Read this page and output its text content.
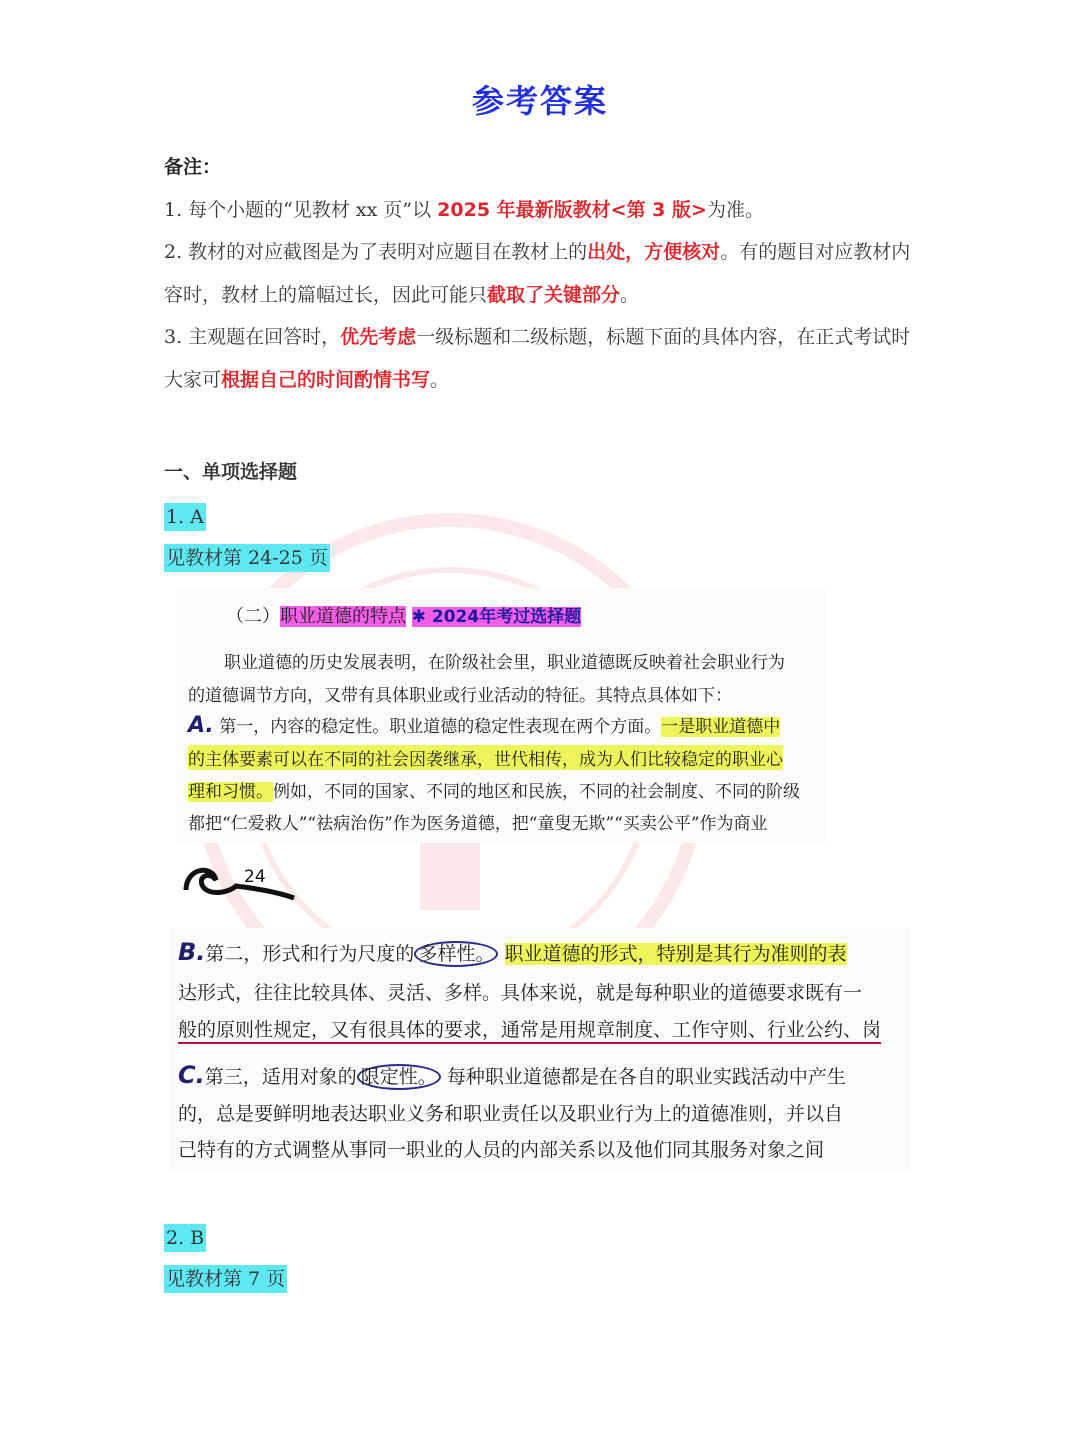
参考答案
备注：
1. 每个小题的“见教材 xx 页”以 2025 年最新版教材<第 3 版>为准。
2. 教材的对应截图是为了表明对应题目在教材上的出处，方便核对。有的题目对应教材内容时，教材上的篇幅过长，因此可能只截取了关键部分。
3. 主观题在回答时，优先考虑一级标题和二级标题，标题下面的具体内容，在正式考试时大家可根据自己的时间酌情书写。
一、单项选择题
1. A
见教材第 24-25 页
（二）职业道德的特点 ✱ 2024年考过选择题
职业道德的历史发展表明，在阶级社会里，职业道德既反映着社会职业行为
的道德调节方向，又带有具体职业或行业活动的特征。其特点具体如下：
A. 第一，内容的稳定性。职业道德的稳定性表现在两个方面。一是职业道德中
的主体要素可以在不同的社会因袭继承，世代相传，成为人们比较稳定的职业心
理和习惯。例如，不同的国家、不同的地区和民族，不同的社会制度、不同的阶级
都把“仁爱救人”“祛病治伤”作为医务道德，把“童叟无欺”“买卖公平”作为商业
24
B.第二，形式和行为尺度的 多样性。 职业道德的形式，特别是其行为准则的表
达形式，往往比较具体、灵活、多样。具体来说，就是每种职业的道德要求既有一
般的原则性规定，又有很具体的要求，通常是用规章制度、工作守则、行业公约、岗
C.第三，适用对象的 限定性。 每种职业道德都是在各自的职业实践活动中产生
的，总是要鲜明地表达职业义务和职业责任以及职业行为上的道德准则，并以自
己特有的方式调整从事同一职业的人员的内部关系以及他们同其服务对象之间
2. B
见教材第 7 页
